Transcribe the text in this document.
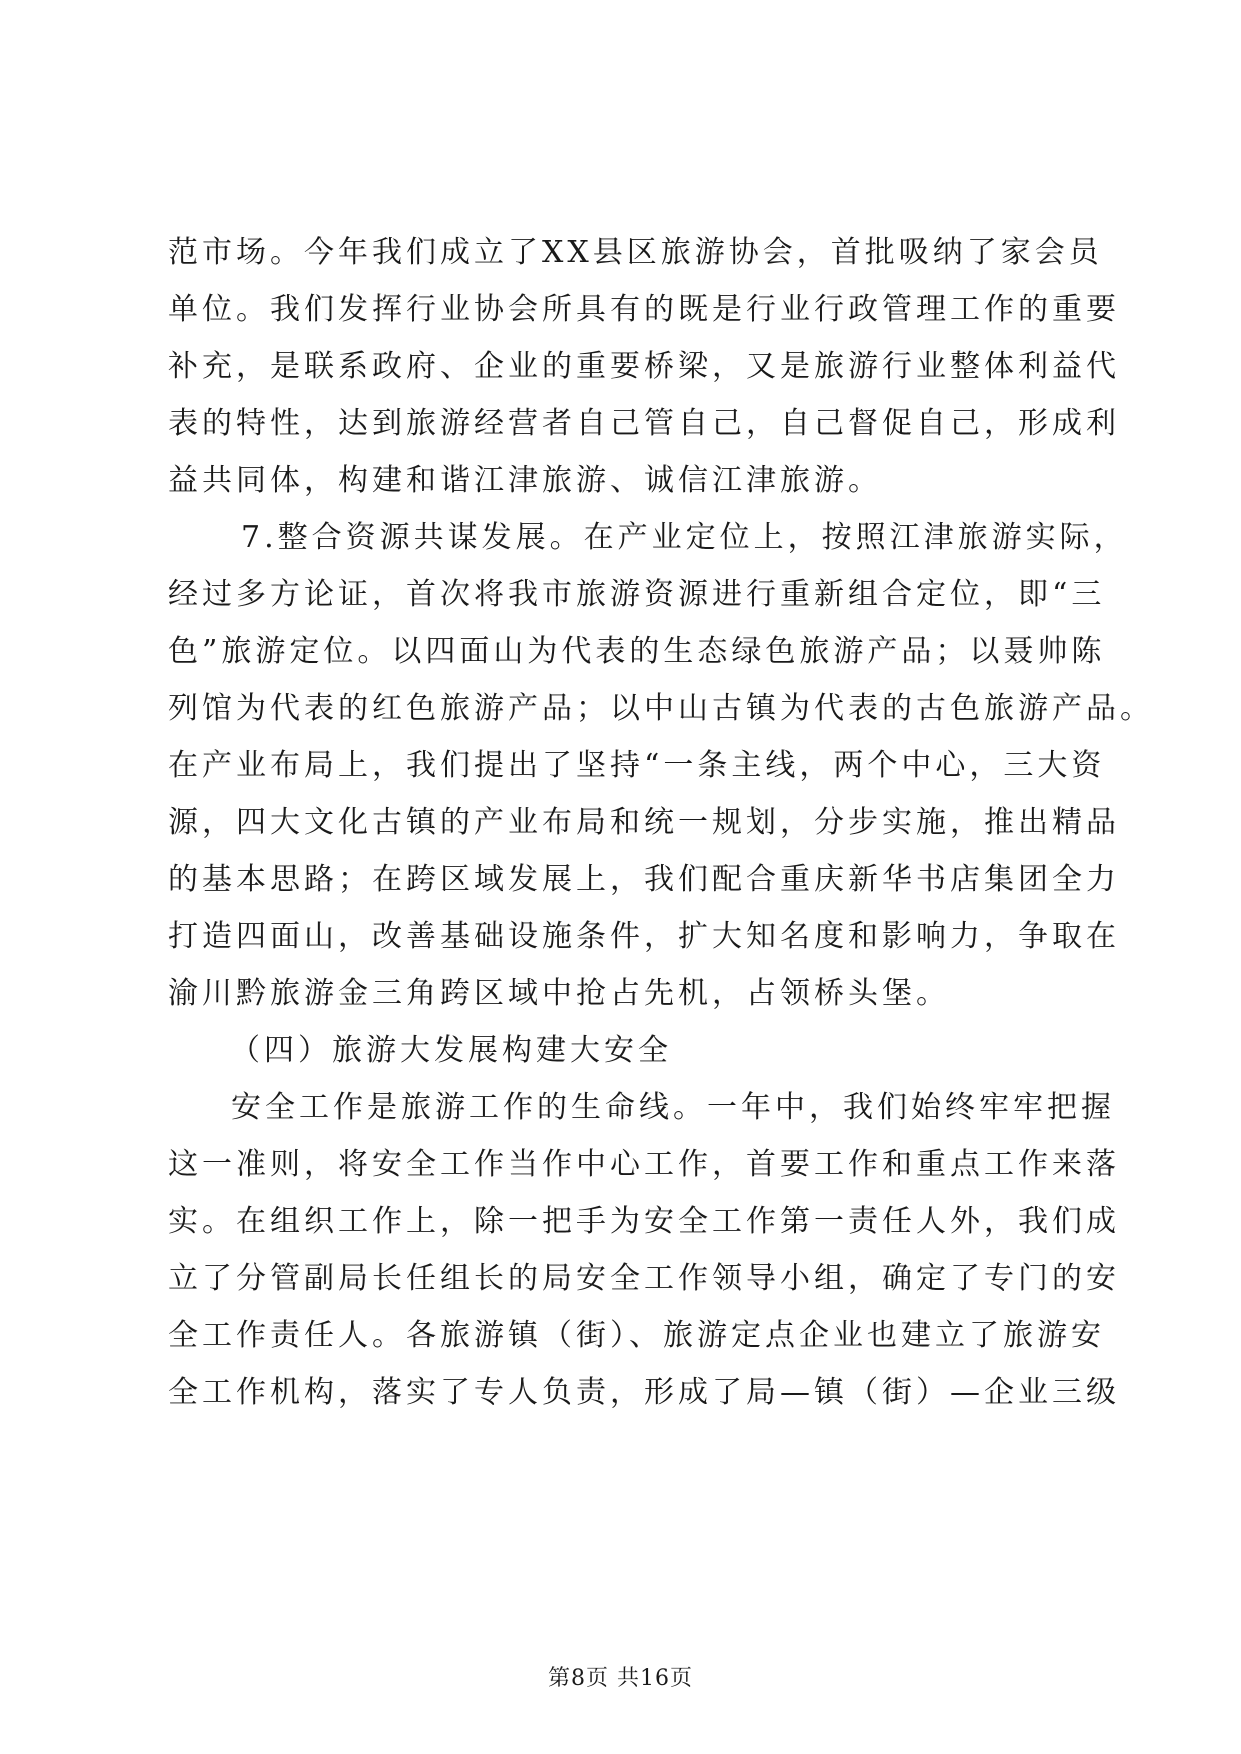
范市场。今年我们成立了XX县区旅游协会，首批吸纳了家会员
单位。我们发挥行业协会所具有的既是行业行政管理工作的重要
补充，是联系政府、企业的重要桥梁，又是旅游行业整体利益代
表的特性，达到旅游经营者自己管自己，自己督促自己，形成利
益共同体，构建和谐江津旅游、诚信江津旅游。
7.整合资源共谋发展。在产业定位上，按照江津旅游实际，
经过多方论证，首次将我市旅游资源进行重新组合定位，即“三
色”旅游定位。以四面山为代表的生态绿色旅游产品；以聂帅陈
列馆为代表的红色旅游产品；以中山古镇为代表的古色旅游产品。
在产业布局上，我们提出了坚持“一条主线，两个中心，三大资
源，四大文化古镇的产业布局和统一规划，分步实施，推出精品
的基本思路；在跨区域发展上，我们配合重庆新华书店集团全力
打造四面山，改善基础设施条件，扩大知名度和影响力，争取在
渝川黔旅游金三角跨区域中抢占先机，占领桥头堡。
（四）旅游大发展构建大安全
安全工作是旅游工作的生命线。一年中，我们始终牢牢把握
这一准则，将安全工作当作中心工作，首要工作和重点工作来落
实。在组织工作上，除一把手为安全工作第一责任人外，我们成
立了分管副局长任组长的局安全工作领导小组，确定了专门的安
全工作责任人。各旅游镇（街）、旅游定点企业也建立了旅游安
全工作机构，落实了专人负责，形成了局—镇（街）—企业三级
第8页 共16页
